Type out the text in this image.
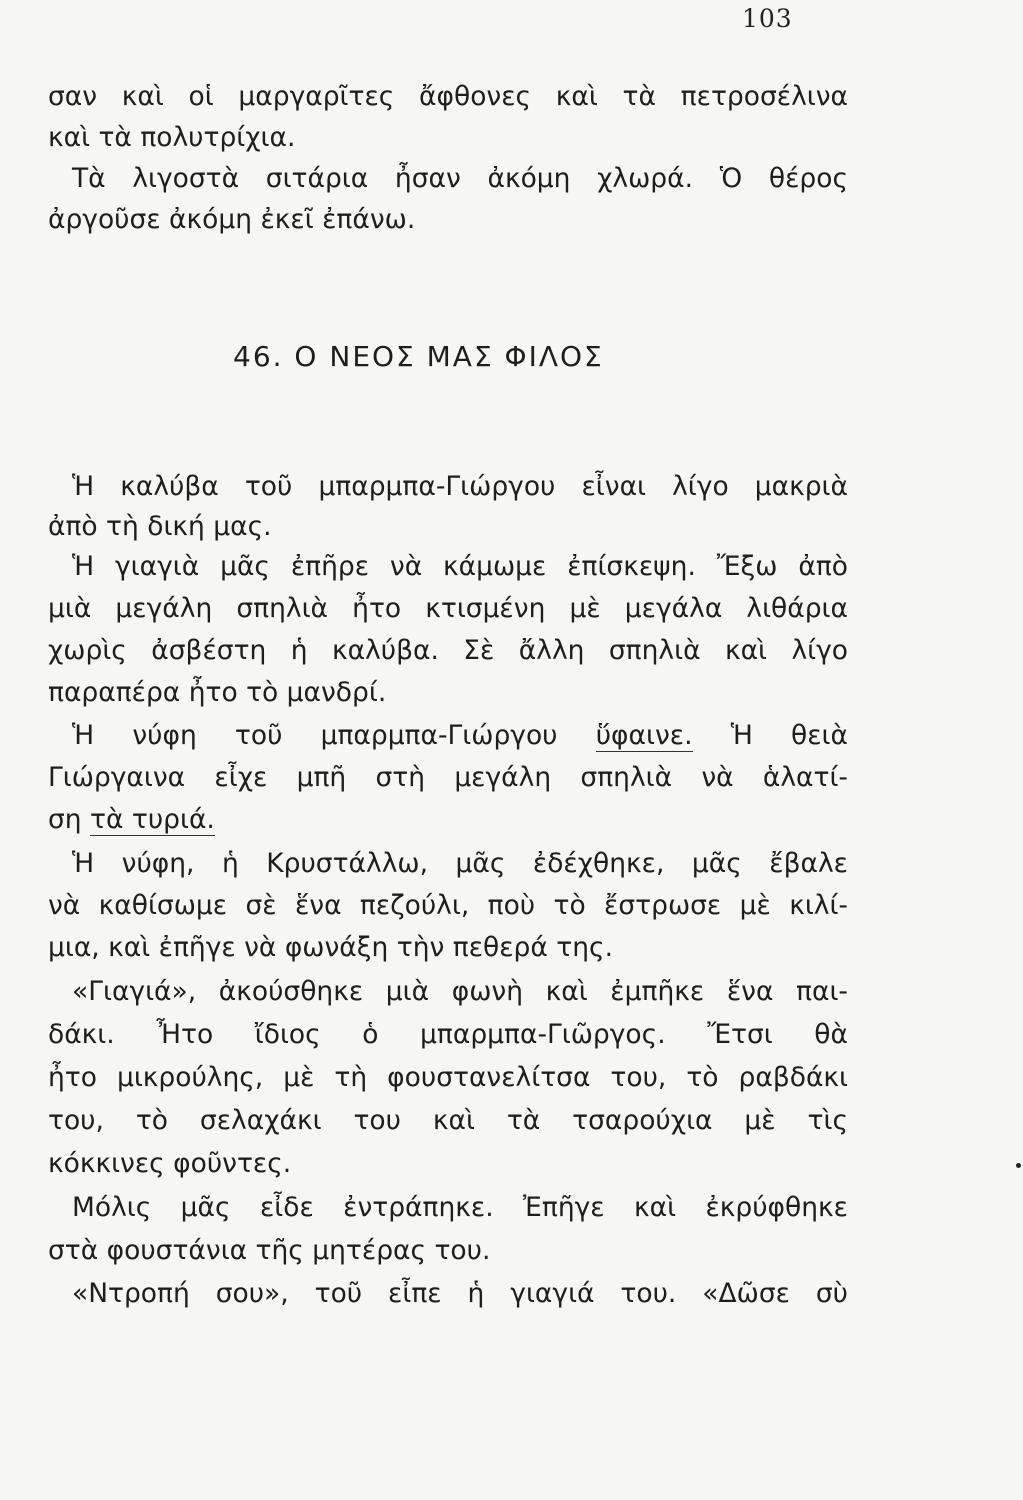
103
σαν καὶ οἱ μαργαρῖτες ἄφθονες καὶ τὰ πετροσέλινα
καὶ τὰ πολυτρίχια.
Τὰ λιγοστὰ σιτάρια ἦσαν ἀκόμη χλωρά. Ὁ θέρος
ἀργοῦσε ἀκόμη ἐκεῖ ἐπάνω.
46. Ο ΝΕΟΣ ΜΑΣ ΦΙΛΟΣ
Ἡ καλύβα τοῦ μπαρμπα-Γιώργου εἶναι λίγο μακριὰ
ἀπὸ τὴ δική μας.
Ἡ γιαγιὰ μᾶς ἐπῆρε νὰ κάμωμε ἐπίσκεψη. Ἔξω ἀπὸ
μιὰ μεγάλη σπηλιὰ ἦτο κτισμένη μὲ μεγάλα λιθάρια
χωρὶς ἀσβέστη ἡ καλύβα. Σὲ ἄλλη σπηλιὰ καὶ λίγο
παραπέρα ἦτο τὸ μανδρί.
Ἡ νύφη τοῦ μπαρμπα-Γιώργου ὕφαινε. Ἡ θειὰ
Γιώργαινα εἶχε μπῆ στὴ μεγάλη σπηλιὰ νὰ ἁλατί-
ση τὰ τυριά.
Ἡ νύφη, ἡ Κρυστάλλω, μᾶς ἐδέχθηκε, μᾶς ἔβαλε
νὰ καθίσωμε σὲ ἕνα πεζούλι, ποὺ τὸ ἔστρωσε μὲ κιλί-
μια, καὶ ἐπῆγε νὰ φωνάξη τὴν πεθερά της.
«Γιαγιά», ἀκούσθηκε μιὰ φωνὴ καὶ ἐμπῆκε ἕνα παι-
δάκι. Ἦτο ἴδιος ὁ μπαρμπα-Γιῶργος. Ἔτσι θὰ
ἦτο μικρούλης, μὲ τὴ φουστανελίτσα του, τὸ ραβδάκι
του, τὸ σελαχάκι του καὶ τὰ τσαρούχια μὲ τὶς
κόκκινες φοῦντες.
Μόλις μᾶς εἶδε ἐντράπηκε. Ἐπῆγε καὶ ἐκρύφθηκε
στὰ φουστάνια τῆς μητέρας του.
«Ντροπή σου», τοῦ εἶπε ἡ γιαγιά του. «Δῶσε σὺ
